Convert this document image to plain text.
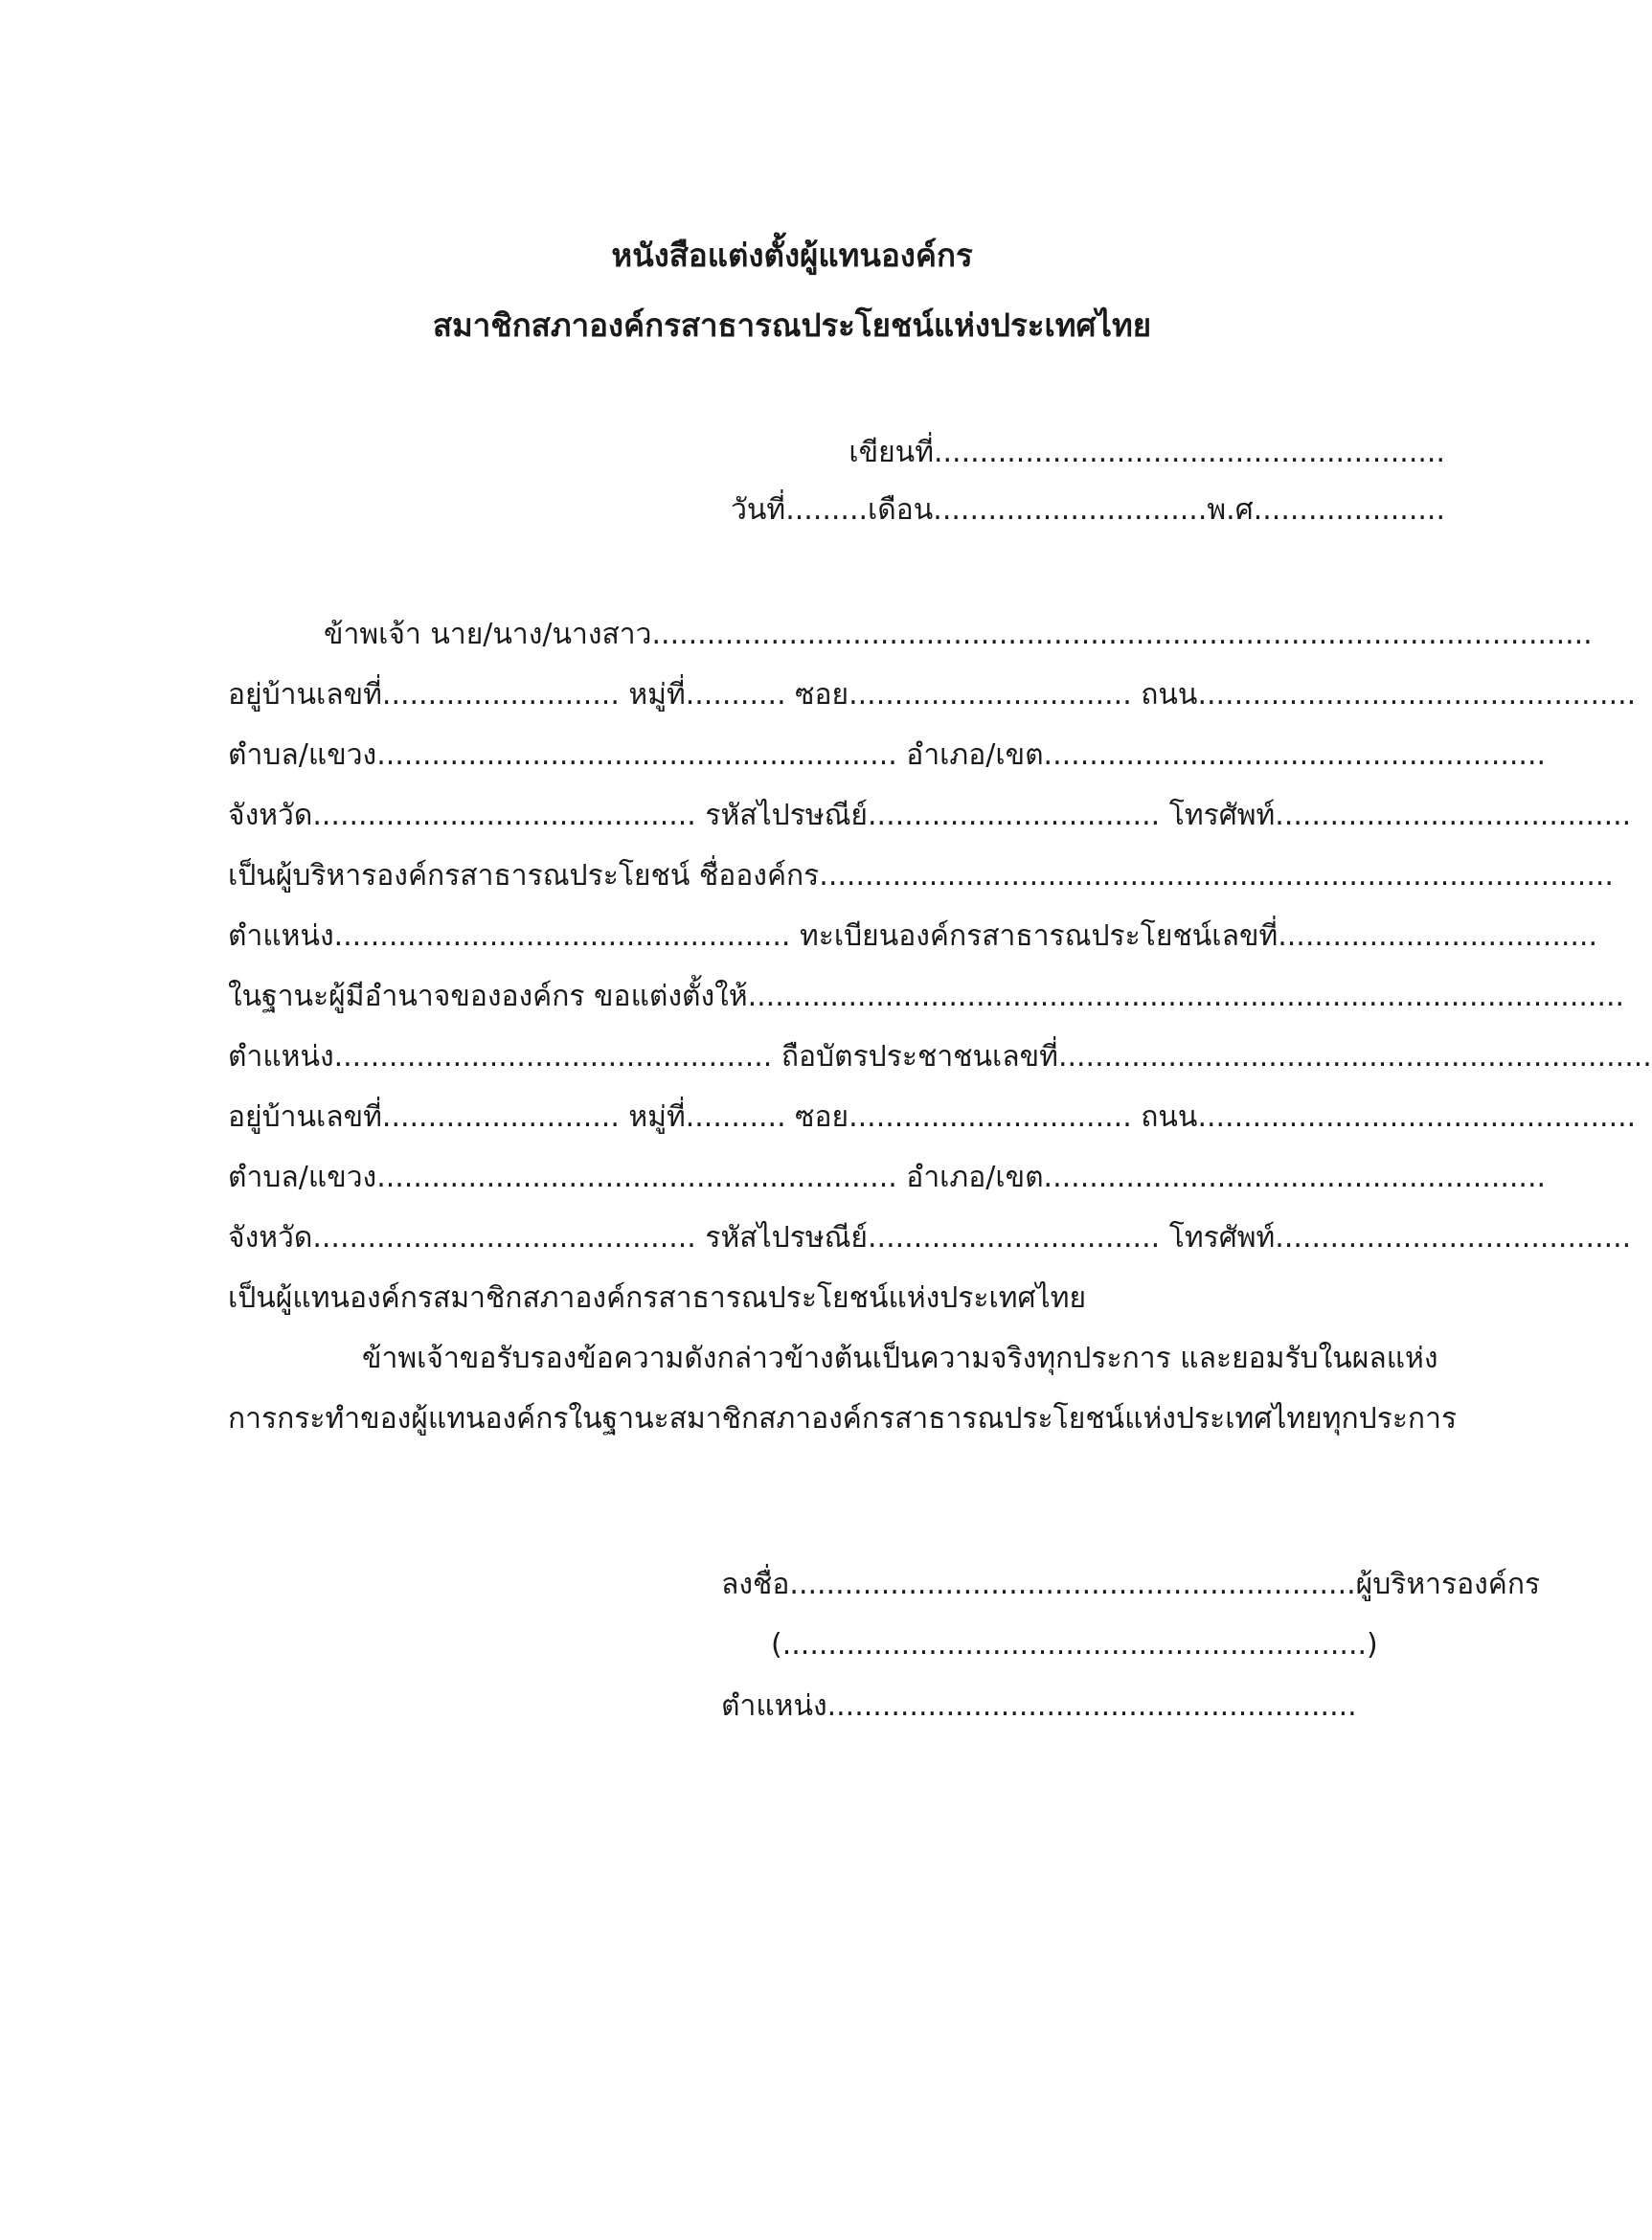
หนังสือแต่งตั้งผู้แทนองค์กร
สมาชิกสภาองค์กรสาธารณประโยชน์แห่งประเทศไทย
เขียนที่........................................................
วันที่.........เดือน..............................พ.ศ.....................
ข้าพเจ้า นาย/นาง/นางสาว.......................................................................................................
อยู่บ้านเลขที่.......................... หมู่ที่........... ซอย............................... ถนน................................................
ตำบล/แขวง......................................................... อำเภอ/เขต.......................................................
จังหวัด.......................................... รหัสไปรษณีย์................................ โทรศัพท์.......................................
เป็นผู้บริหารองค์กรสาธารณประโยชน์ ชื่อองค์กร.......................................................................................
ตำแหน่ง.................................................. ทะเบียนองค์กรสาธารณประโยชน์เลขที่...................................
ในฐานะผู้มีอำนาจขององค์กร ขอแต่งตั้งให้................................................................................................
ตำแหน่ง................................................ ถือบัตรประชาชนเลขที่.................................................................
อยู่บ้านเลขที่.......................... หมู่ที่........... ซอย............................... ถนน................................................
ตำบล/แขวง......................................................... อำเภอ/เขต.......................................................
จังหวัด.......................................... รหัสไปรษณีย์................................ โทรศัพท์.......................................
เป็นผู้แทนองค์กรสมาชิกสภาองค์กรสาธารณประโยชน์แห่งประเทศไทย
ข้าพเจ้าขอรับรองข้อความดังกล่าวข้างต้นเป็นความจริงทุกประการ และยอมรับในผลแห่ง
การกระทำของผู้แทนองค์กรในฐานะสมาชิกสภาองค์กรสาธารณประโยชน์แห่งประเทศไทยทุกประการ
ลงชื่อ..............................................................ผู้บริหารองค์กร
(................................................................)
ตำแหน่ง..........................................................
